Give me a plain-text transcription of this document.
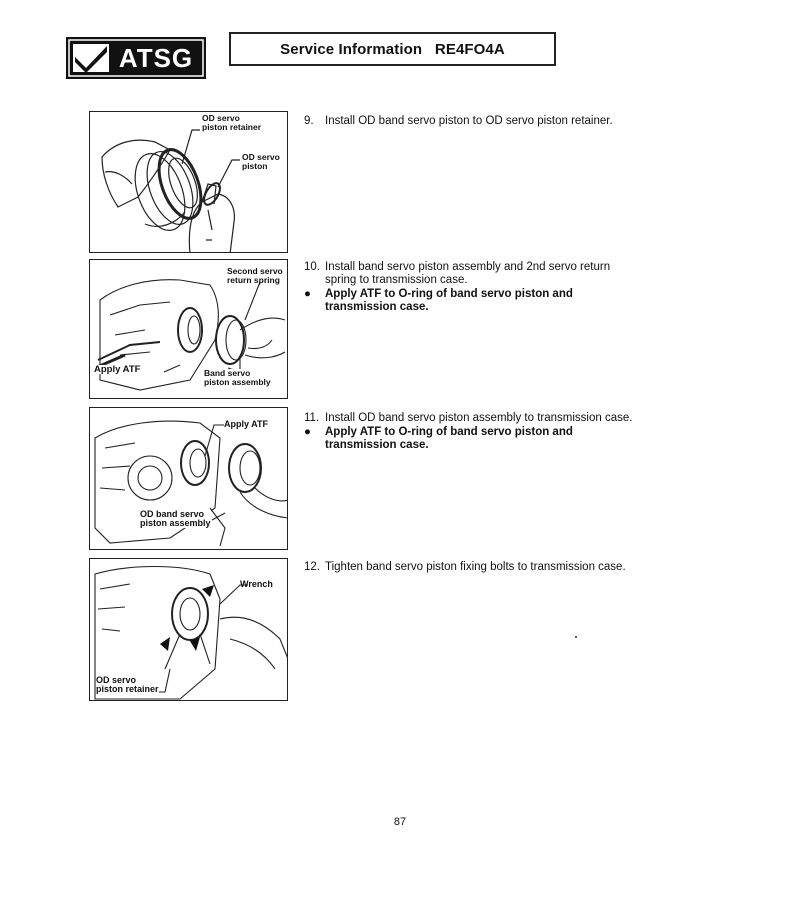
ATSG	Service Information   RE4FO4A
OD servo
piston retainer
OD servo
piston
Second servo
return spring
Apply ATF	Band servo
piston assembly
Apply ATF
OD band servo
piston assembly
Wrench
OD servo
piston retainer
9. Install OD band servo piston to OD servo piston retainer.
10. Install band servo piston assembly and 2nd servo return spring to transmission case.
● Apply ATF to O-ring of band servo piston and transmission case.
11. Install OD band servo piston assembly to transmission case.
● Apply ATF to O-ring of band servo piston and transmission case.
12. Tighten band servo piston fixing bolts to transmission case.
87
